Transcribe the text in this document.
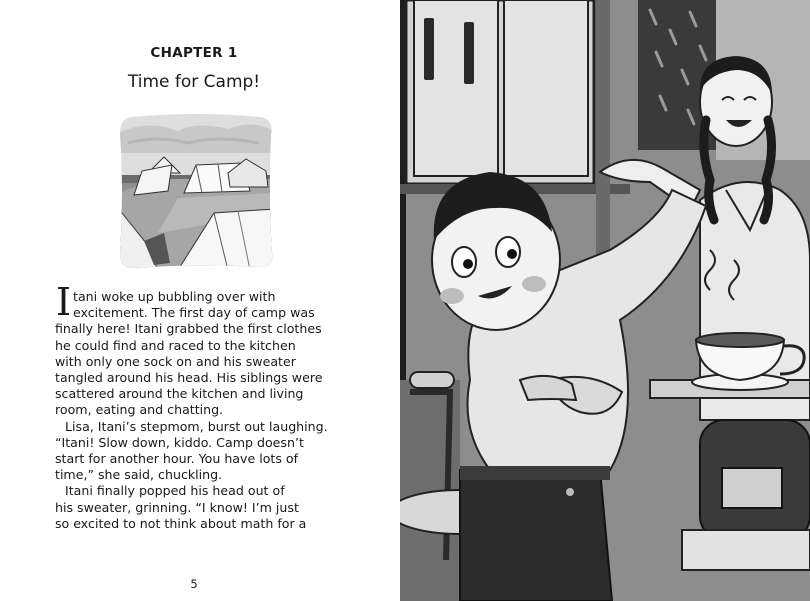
CHAPTER 1
Time for Camp!
I tani woke up bubbling over with

excitement. The first day of camp was

finally here! Itani grabbed the first clothes

he could find and raced to the kitchen

with only one sock on and his sweater

tangled around his head. His siblings were

scattered around the kitchen and living

room, eating and chatting.

Lisa, Itani’s stepmom, burst out laughing.

“Itani! Slow down, kiddo. Camp doesn’t

start for another hour. You have lots of

time,” she said, chuckling.

Itani finally popped his head out of

his sweater, grinning. “I know! I’m just

so excited to not think about math for a

5
